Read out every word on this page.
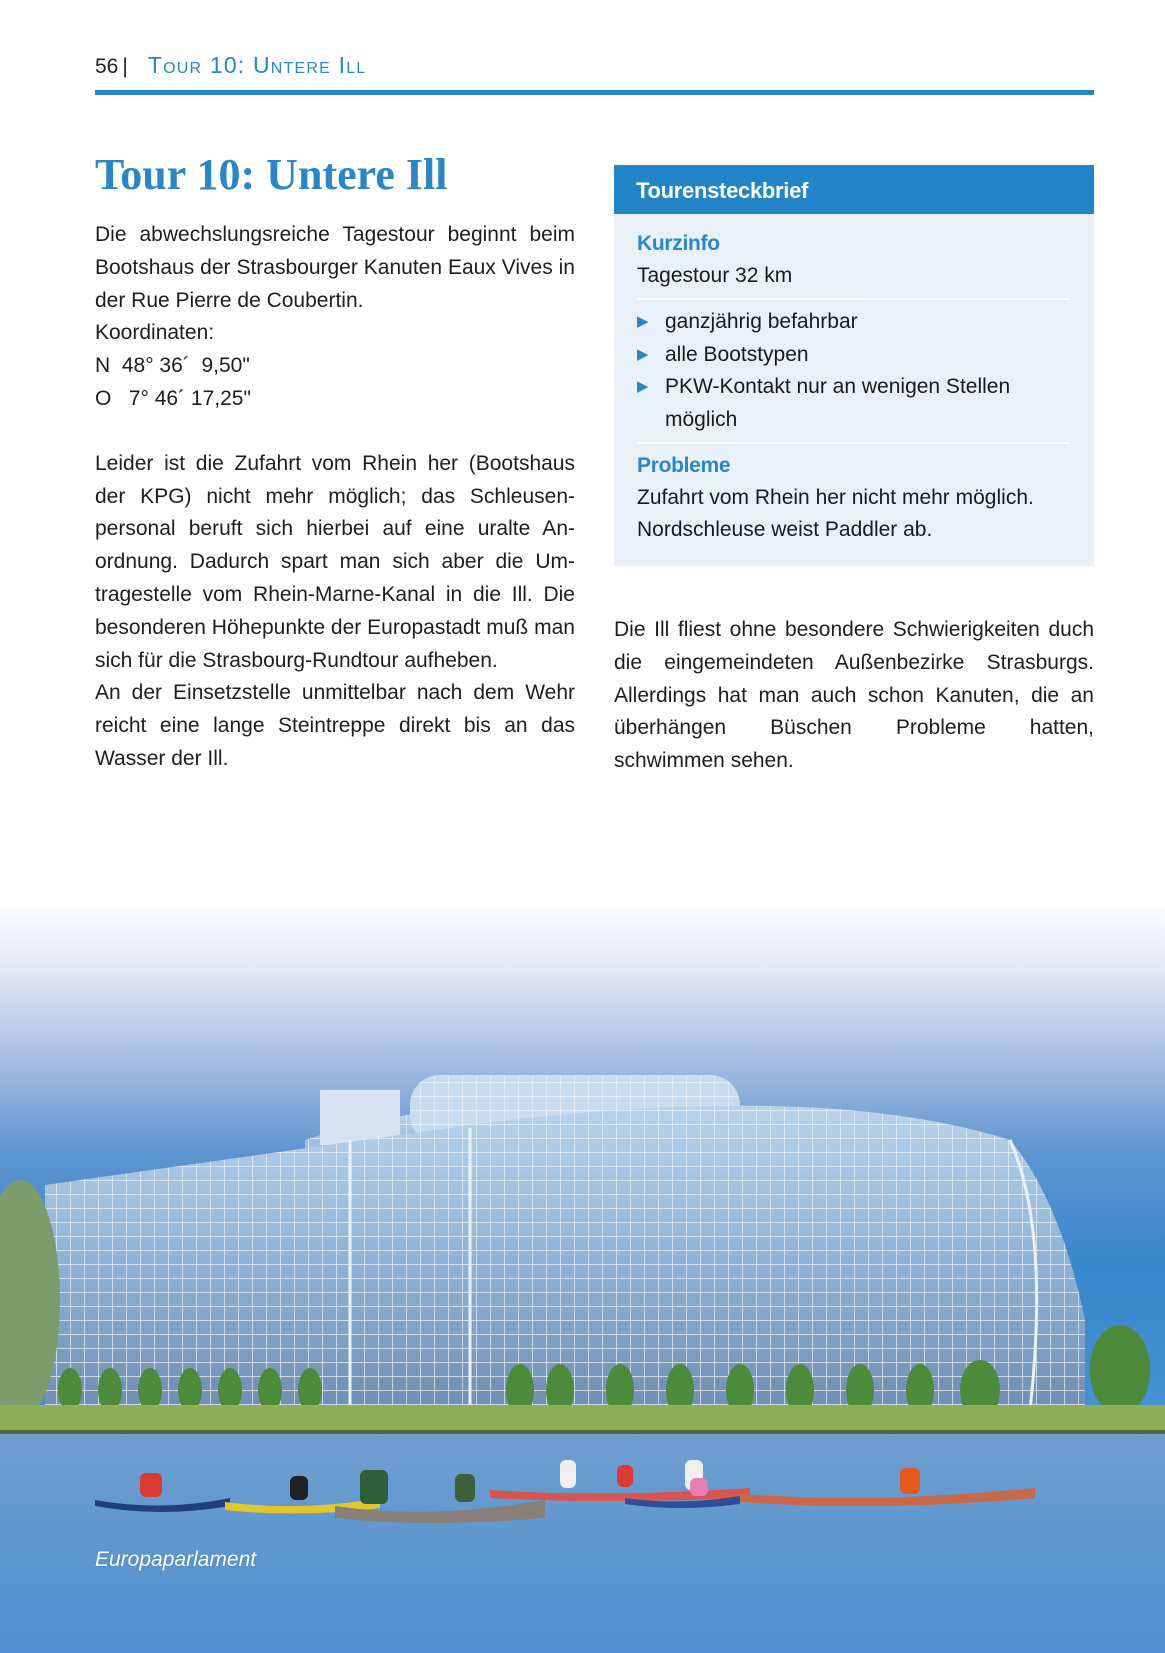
56 | Tour 10: Untere Ill
Tour 10: Untere Ill

Die abwechslungsreiche Tagestour beginnt beim Bootshaus der Strasbourger Kanuten Eaux Vives in der Rue Pierre de Coubertin.

Koordinaten:

N  48° 36´  9,50"

O   7° 46´ 17,25"

Leider ist die Zufahrt vom Rhein her (Bootshaus der KPG) nicht mehr möglich; das Schleusenpersonal beruft sich hierbei auf eine uralte Anordnung. Dadurch spart man sich aber die Umtragestelle vom Rhein-Marne-Kanal in die Ill. Die besonderen Höhepunkte der Europastadt muß man sich für die Strasbourg-Rundtour aufheben.

An der Einsetzstelle unmittelbar nach dem Wehr reicht eine lange Steintreppe direkt bis an das Wasser der Ill.

Tourensteckbrief
Kurzinfo
Tagestour 32 km
▶ ganzjährig befahrbar
▶ alle Bootstypen
▶ PKW-Kontakt nur an wenigen Stellen möglich
Probleme
Zufahrt vom Rhein her nicht mehr möglich. Nordschleuse weist Paddler ab.

Die Ill fliest ohne besondere Schwierigkeiten duch die eingemeindeten Außenbezirke Strasburgs. Allerdings hat man auch schon Kanuten, die an überhängen Büschen Probleme hatten, schwimmen sehen.

Europaparlament
